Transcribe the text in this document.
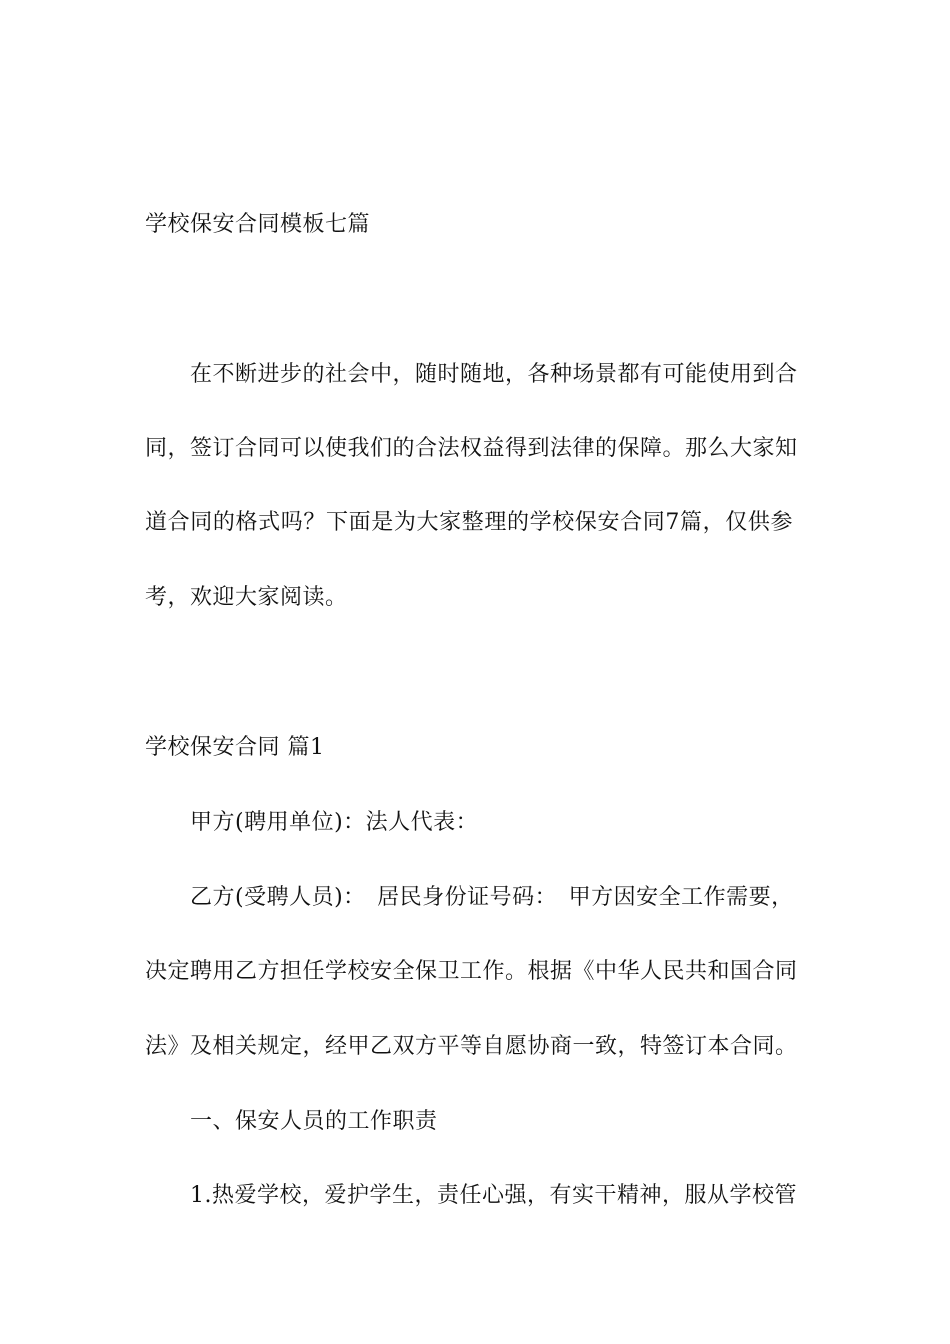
学校保安合同模板七篇
在不断进步的社会中，随时随地，各种场景都有可能使用到合
同，签订合同可以使我们的合法权益得到法律的保障。那么大家知
道合同的格式吗？下面是为大家整理的学校保安合同7篇，仅供参
考，欢迎大家阅读。
学校保安合同 篇1
甲方(聘用单位)：法人代表：
乙方(受聘人员)：　居民身份证号码：　甲方因安全工作需要，
决定聘用乙方担任学校安全保卫工作。根据《中华人民共和国合同
法》及相关规定，经甲乙双方平等自愿协商一致，特签订本合同。
一、保安人员的工作职责
1.热爱学校，爱护学生，责任心强，有实干精神，服从学校管
